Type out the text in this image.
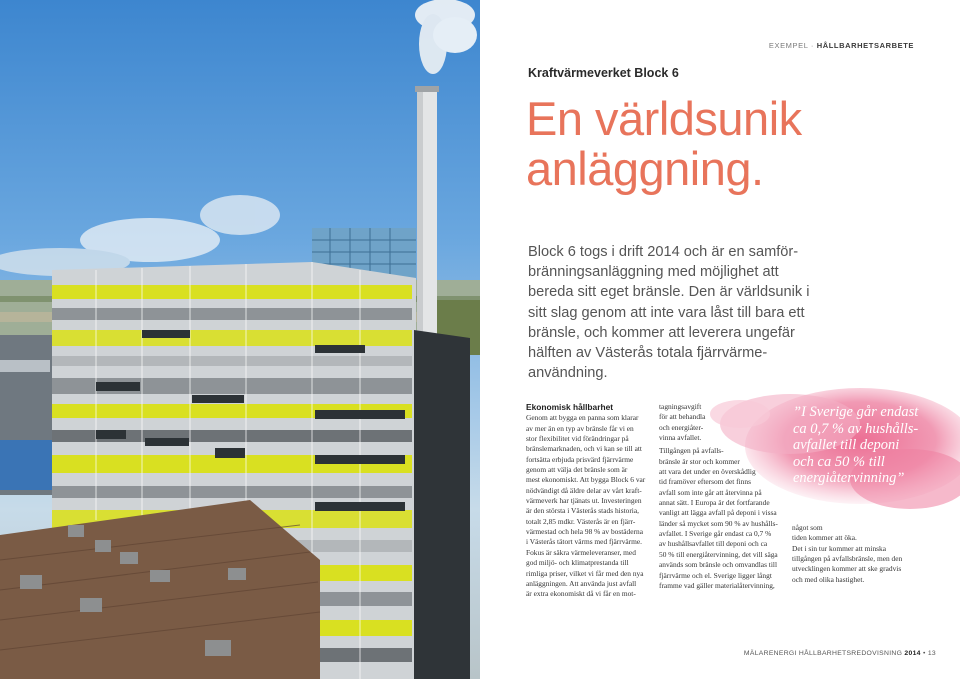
EXEMPEL · HÅLLBARHETSARBETE
Kraftvärmeverket Block 6
En världsunik
anläggning.
Block 6 togs i drift 2014 och är en samför-
bränningsanläggning med möjlighet att
bereda sitt eget bränsle. Den är världsunik i
sitt slag genom att inte vara låst till bara ett
bränsle, och kommer att leverera ungefär
hälften av Västerås totala fjärrvärme-
användning.
”I Sverige går endast
ca 0,7 % av hushålls-
avfallet till deponi
och ca 50 % till
energiåtervinning”
Ekonomisk hållbarhet
Genom att bygga en panna som klarar
av mer än en typ av bränsle får vi en
stor flexibilitet vid förändringar på
bränslemarknaden, och vi kan se till att
fortsätta erbjuda prisvärd fjärrvärme
genom att välja det bränsle som är
mest ekonomiskt. Att bygga Block 6 var
nödvändigt då äldre delar av vårt kraft-
värmeverk har tjänats ut. Investeringen
är den största i Västerås stads historia,
totalt 2,85 mdkr. Västerås är en fjärr-
värmestad och hela 98 % av bostäderna
i Västerås tätort värms med fjärrvärme.
Fokus är säkra värmeleveranser, med
god miljö- och klimatprestanda till
rimliga priser, vilket vi får med den nya
anläggningen. Att använda just avfall
är extra ekonomiskt då vi får en mot-
tagningsavgift
för att behandla
och energiåter-
vinna avfallet.
Tillgången på avfalls-
bränsle är stor och kommer
att vara det under en överskådlig
tid framöver eftersom det finns
avfall som inte går att återvinna på
annat sätt. I Europa är det fortfarande
vanligt att lägga avfall på deponi i vissa
länder så mycket som 90 % av hushålls-
avfallet. I Sverige går endast ca 0,7 %
av hushållsavfallet till deponi och ca
50 % till energiåtervinning, det vill säga
används som bränsle och omvandlas till
fjärrvärme och el. Sverige ligger långt
framme vad gäller materialåtervinning,
något som
tiden kommer att öka.
Det i sin tur kommer att minska
tillgången på avfallsbränsle, men den
utvecklingen kommer att ske gradvis
och med olika hastighet.
MÄLARENERGI HÅLLBARHETSREDOVISNING 2014 • 13
